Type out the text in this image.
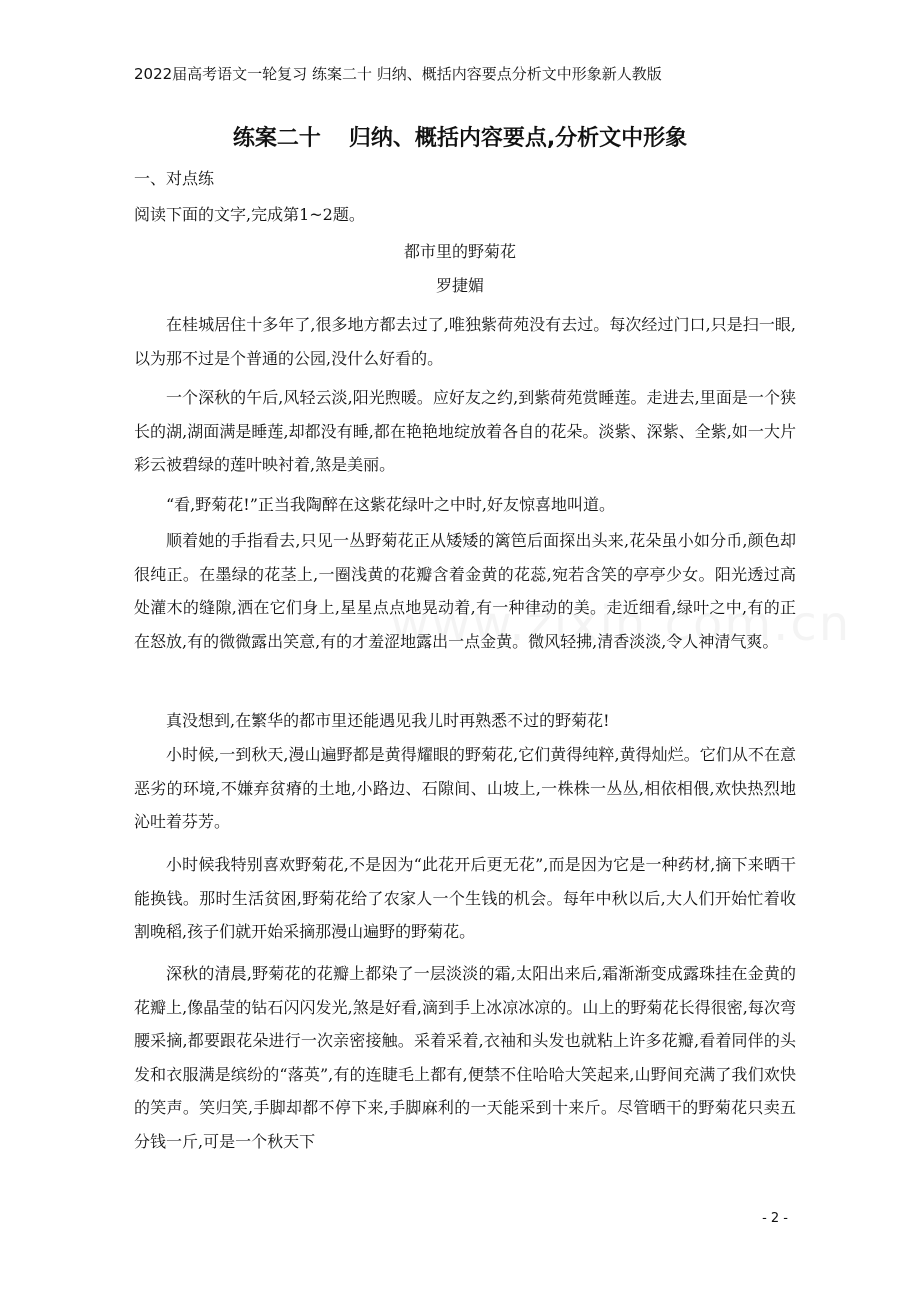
2022届高考语文一轮复习 练案二十 归纳、概括内容要点分析文中形象新人教版
练案二十 归纳、概括内容要点,分析文中形象
一、对点练
阅读下面的文字,完成第1~2题。
都市里的野菊花
罗捷媚
在桂城居住十多年了,很多地方都去过了,唯独紫荷苑没有去过。每次经过门口,只是扫一眼,以为那不过是个普通的公园,没什么好看的。
一个深秋的午后,风轻云淡,阳光煦暖。应好友之约,到紫荷苑赏睡莲。走进去,里面是一个狭长的湖,湖面满是睡莲,却都没有睡,都在艳艳地绽放着各自的花朵。淡紫、深紫、全紫,如一大片彩云被碧绿的莲叶映衬着,煞是美丽。
“看,野菊花!”正当我陶醉在这紫花绿叶之中时,好友惊喜地叫道。
顺着她的手指看去,只见一丛野菊花正从矮矮的篱笆后面探出头来,花朵虽小如分币,颜色却很纯正。在墨绿的花茎上,一圈浅黄的花瓣含着金黄的花蕊,宛若含笑的亭亭少女。阳光透过高处灌木的缝隙,洒在它们身上,星星点点地晃动着,有一种律动的美。走近细看,绿叶之中,有的正在怒放,有的微微露出笑意,有的才羞涩地露出一点金黄。微风轻拂,清香淡淡,令人神清气爽。
真没想到,在繁华的都市里还能遇见我儿时再熟悉不过的野菊花!
小时候,一到秋天,漫山遍野都是黄得耀眼的野菊花,它们黄得纯粹,黄得灿烂。它们从不在意恶劣的环境,不嫌弃贫瘠的土地,小路边、石隙间、山坡上,一株株一丛丛,相依相偎,欢快热烈地沁吐着芬芳。
小时候我特别喜欢野菊花,不是因为“此花开后更无花”,而是因为它是一种药材,摘下来晒干能换钱。那时生活贫困,野菊花给了农家人一个生钱的机会。每年中秋以后,大人们开始忙着收割晚稻,孩子们就开始采摘那漫山遍野的野菊花。
深秋的清晨,野菊花的花瓣上都染了一层淡淡的霜,太阳出来后,霜渐渐变成露珠挂在金黄的花瓣上,像晶莹的钻石闪闪发光,煞是好看,滴到手上冰凉冰凉的。山上的野菊花长得很密,每次弯腰采摘,都要跟花朵进行一次亲密接触。采着采着,衣袖和头发也就粘上许多花瓣,看着同伴的头发和衣服满是缤纷的“落英”,有的连睫毛上都有,便禁不住哈哈大笑起来,山野间充满了我们欢快的笑声。笑归笑,手脚却都不停下来,手脚麻利的一天能采到十来斤。尽管晒干的野菊花只卖五分钱一斤,可是一个秋天下
- 2 -
